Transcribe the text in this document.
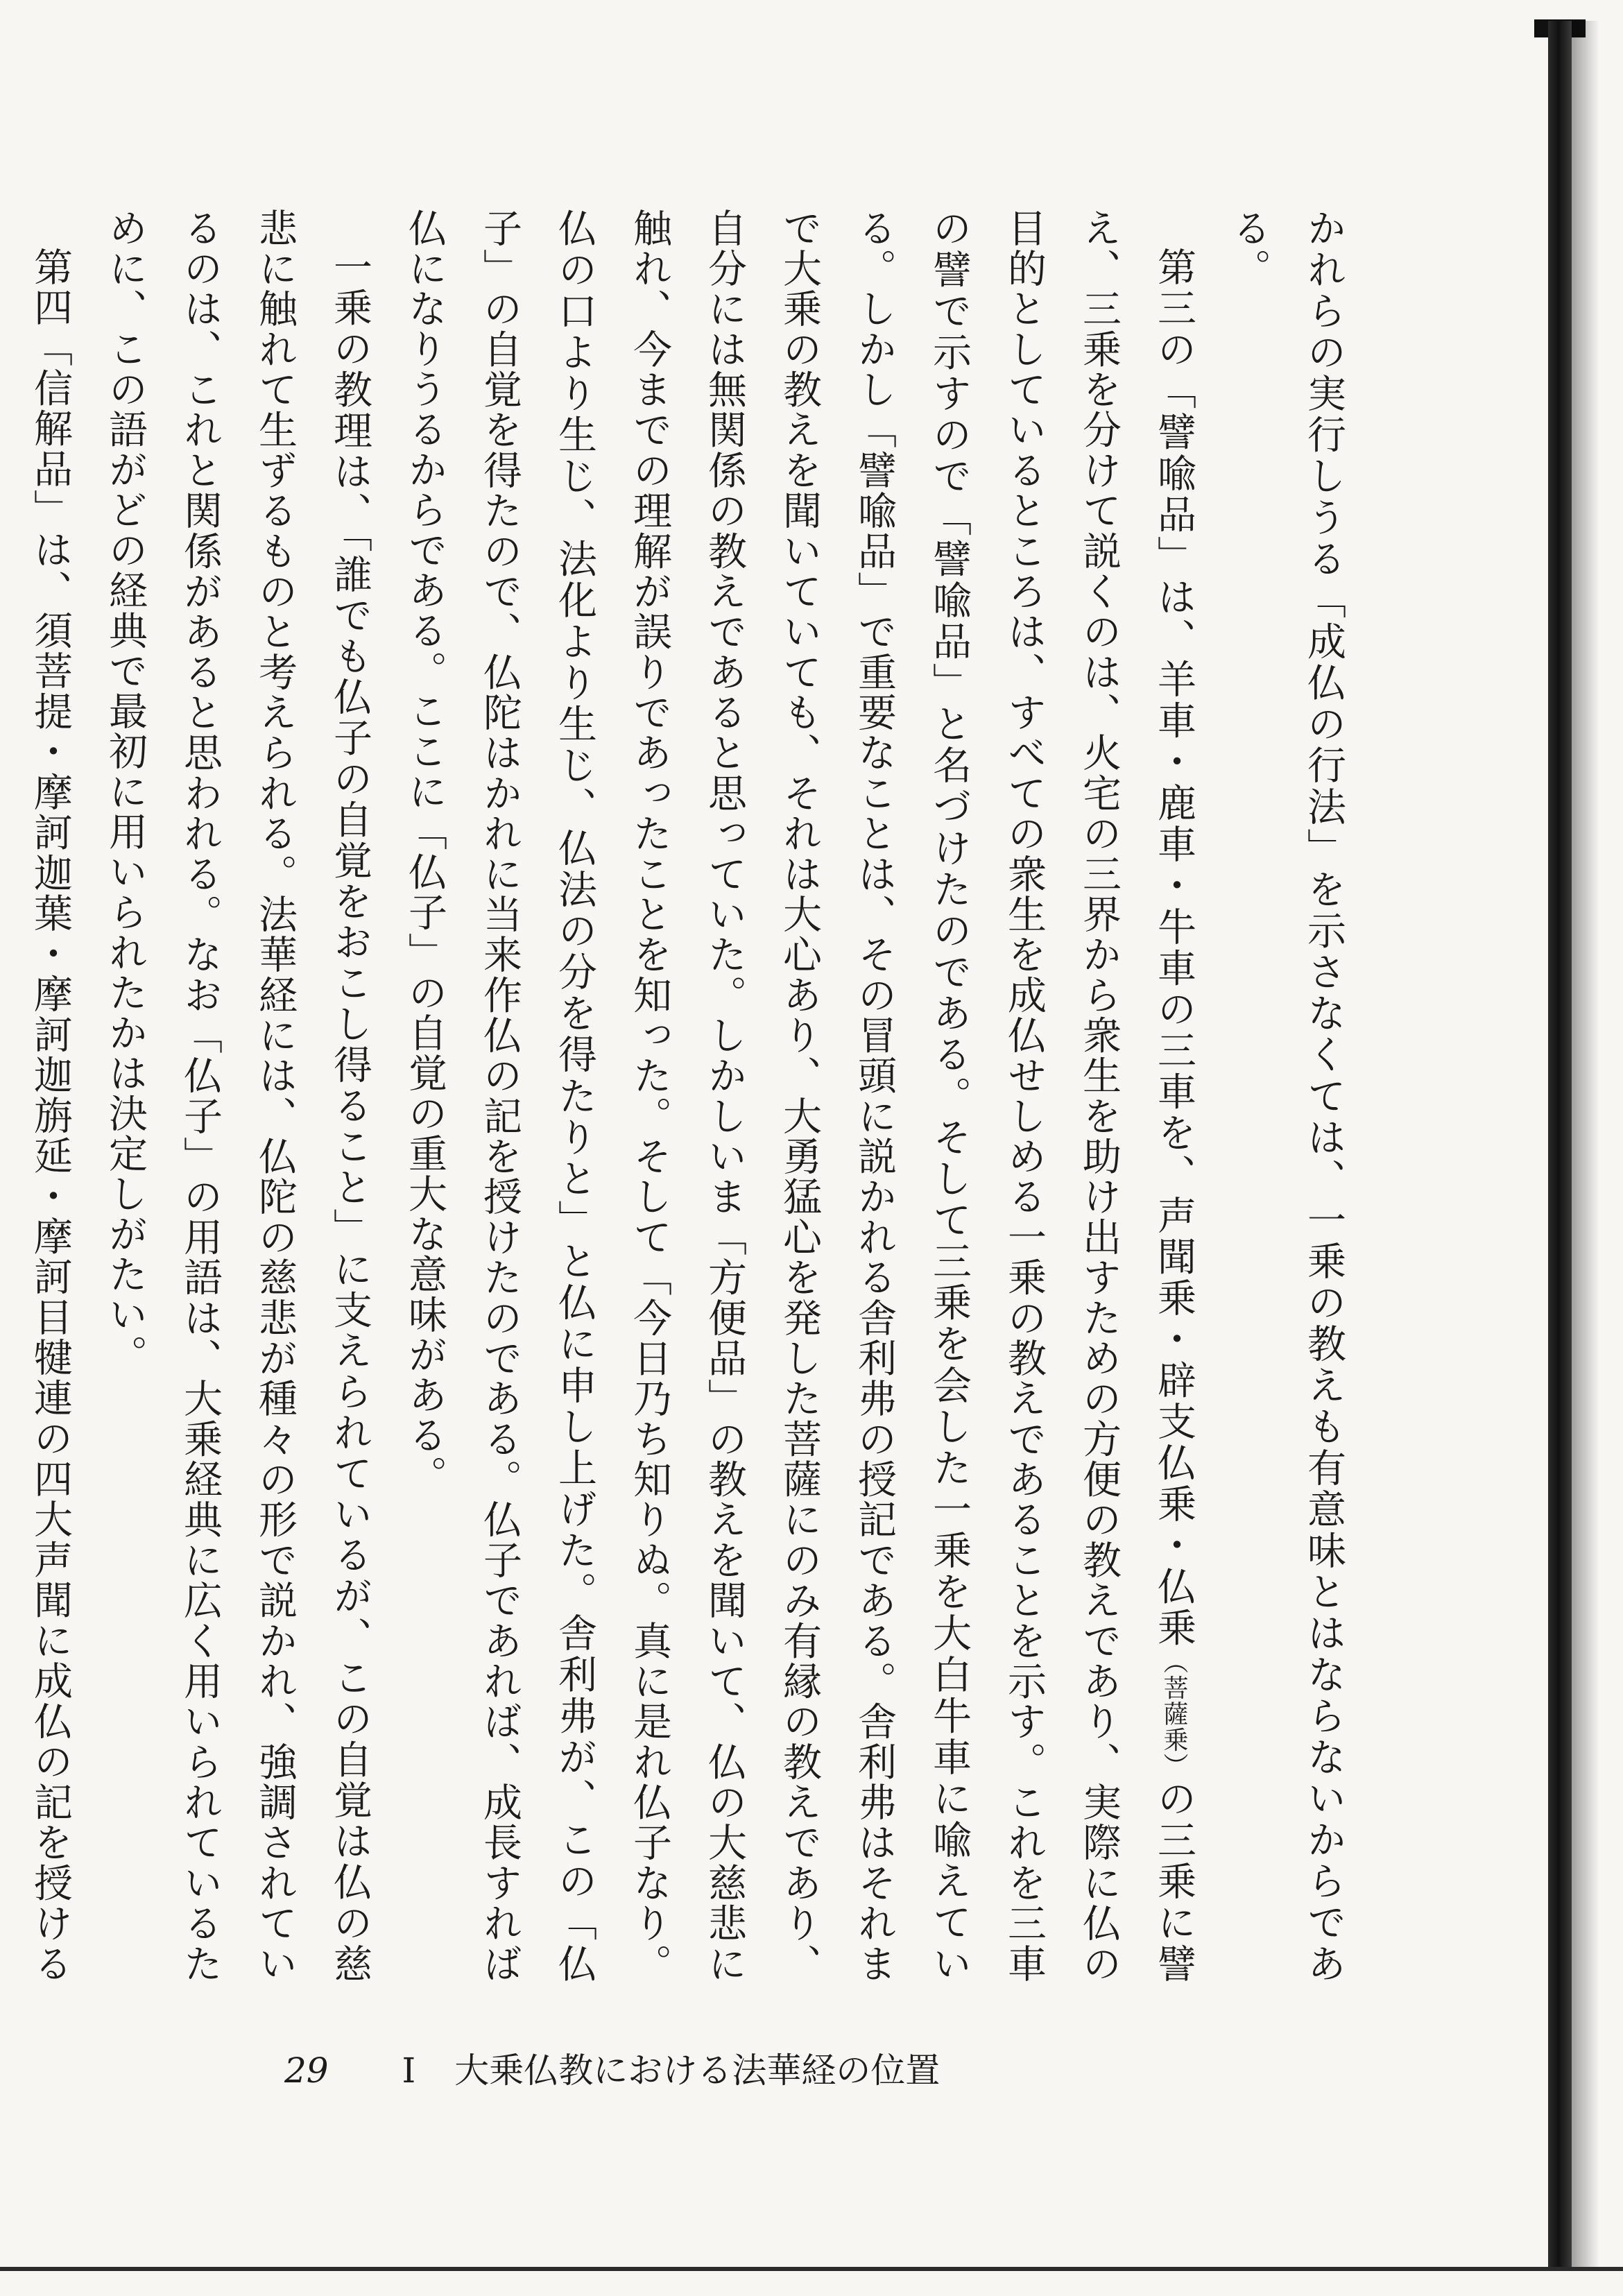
かれらの実行しうる「成仏の行法」を示さなくては、一乗の教えも有意味とはならないからである。

第三の「譬喩品」は、羊車・鹿車・牛車の三車を、声聞乗・辟支仏乗・仏乗（菩薩乗）の三乗に譬え、三乗を分けて説くのは、火宅の三界から衆生を助け出すための方便の教えであり、実際に仏の目的としているところは、すべての衆生を成仏せしめる一乗の教えであることを示す。これを三車の譬で示すので「譬喩品」と名づけたのである。そして三乗を会した一乗を大白牛車に喩えている。しかし「譬喩品」で重要なことは、その冒頭に説かれる舎利弗の授記である。舎利弗はそれまで大乗の教えを聞いていても、それは大心あり、大勇猛心を発した菩薩にのみ有縁の教えであり、自分には無関係の教えであると思っていた。しかしいま「方便品」の教えを聞いて、仏の大慈悲に触れ、今までの理解が誤りであったことを知った。そして「今日乃ち知りぬ。真に是れ仏子なり。仏の口より生じ、法化より生じ、仏法の分を得たりと」と仏に申し上げた。舎利弗が、この「仏子」の自覚を得たので、仏陀はかれに当来作仏の記を授けたのである。仏子であれば、成長すれば仏になりうるからである。ここに「仏子」の自覚の重大な意味がある。

一乗の教理は、「誰でも仏子の自覚をおこし得ること」に支えられているが、この自覚は仏の慈悲に触れて生ずるものと考えられる。法華経には、仏陀の慈悲が種々の形で説かれ、強調されているのは、これと関係があると思われる。なお「仏子」の用語は、大乗経典に広く用いられているために、この語がどの経典で最初に用いられたかは決定しがたい。

第四「信解品」は、須菩提・摩訶迦葉・摩訶迦旃延・摩訶目犍連の四大声聞に成仏の記を授ける

29 I 大乗仏教における法華経の位置
